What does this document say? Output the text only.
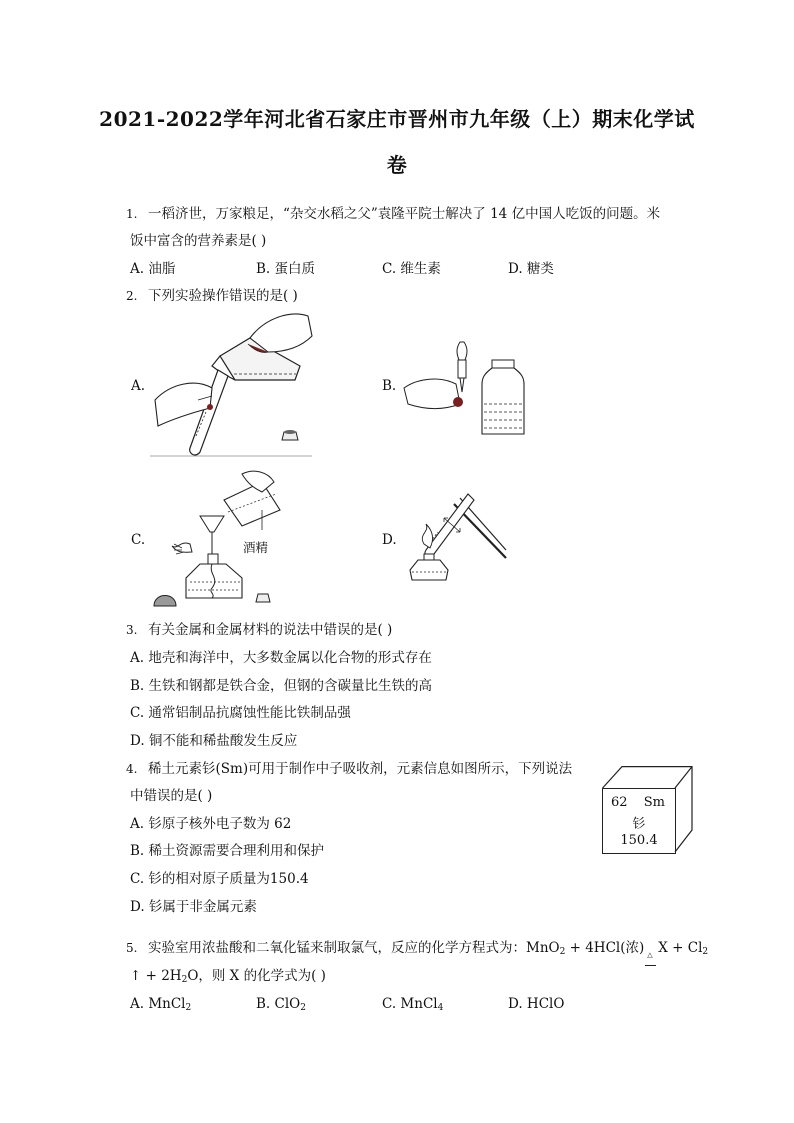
2021-2022学年河北省石家庄市晋州市九年级（上）期末化学试
卷
1. 一稻济世，万家粮足，“杂交水稻之父”袁隆平院士解决了 14 亿中国人吃饭的问题。米
饭中富含的营养素是( )
A. 油脂	B. 蛋白质	C. 维生素	D. 糖类
2. 下列实验操作错误的是( )
A.	B.
C.	D.
酒精
3. 有关金属和金属材料的说法中错误的是( )
A. 地壳和海洋中，大多数金属以化合物的形式存在
B. 生铁和钢都是铁合金，但钢的含碳量比生铁的高
C. 通常铝制品抗腐蚀性能比铁制品强
D. 铜不能和稀盐酸发生反应
4. 稀土元素钐(Sm)可用于制作中子吸收剂，元素信息如图所示，下列说法
中错误的是( )
A. 钐原子核外电子数为 62
B. 稀土资源需要合理利用和保护
C. 钐的相对原子质量为150.4
D. 钐属于非金属元素
62 Sm
钐
150.4
5. 实验室用浓盐酸和二氧化锰来制取氯气，反应的化学方程式为：MnO$_2$ + 4HCl(浓) △ $X + Cl_2$
↑ + $2H_2O$，则 X 的化学式为( )
A. MnCl$_2$	B. ClO$_2$	C. MnCl$_4$	D. HClO
